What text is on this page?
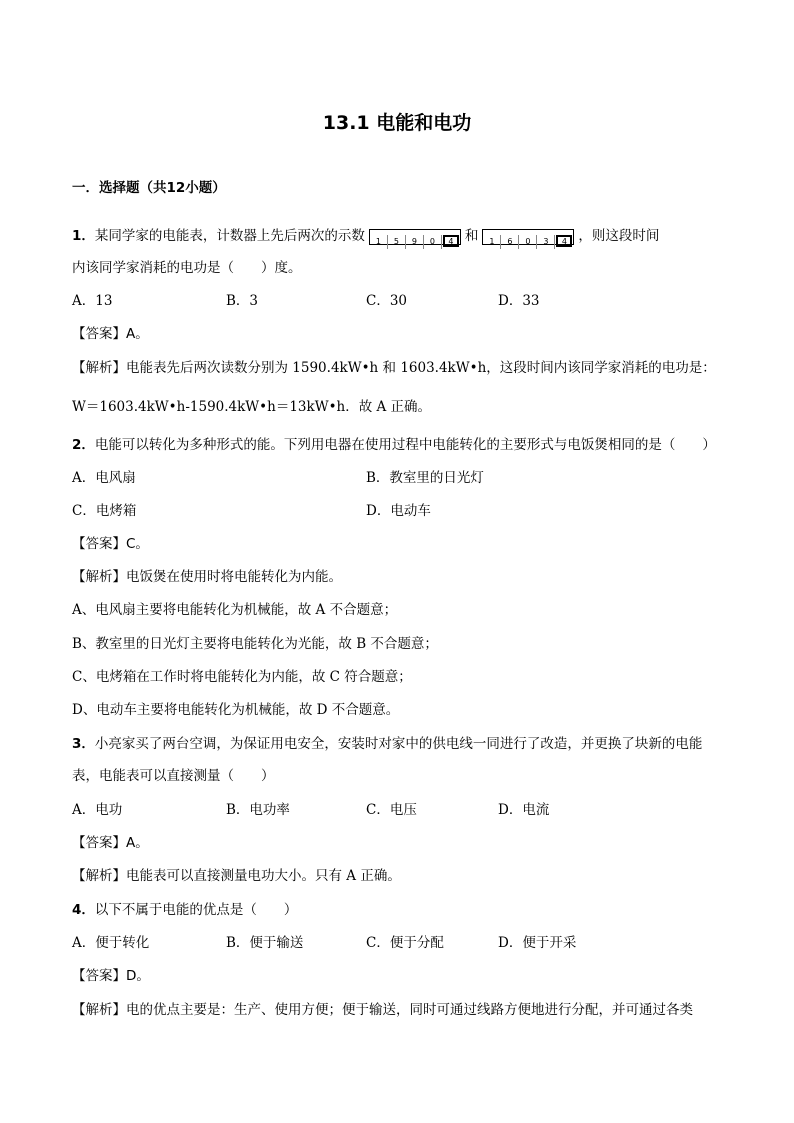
13.1 电能和电功
一．选择题（共12小题）
1．某同学家的电能表，计数器上先后两次的示数 1 5 9 0 4 和 1 6 0 3 4 ，则这段时间
内该同学家消耗的电功是（　　）度。
A．13	B．3	C．30	D．33
【答案】A。
【解析】电能表先后两次读数分别为 1590.4kW•h 和 1603.4kW•h，这段时间内该同学家消耗的电功是：
W＝1603.4kW•h-1590.4kW•h＝13kW•h．故 A 正确。
2．电能可以转化为多种形式的能。下列用电器在使用过程中电能转化的主要形式与电饭煲相同的是（　　）
A．电风扇	B．教室里的日光灯
C．电烤箱	D．电动车
【答案】C。
【解析】电饭煲在使用时将电能转化为内能。
A、电风扇主要将电能转化为机械能，故 A 不合题意；
B、教室里的日光灯主要将电能转化为光能，故 B 不合题意；
C、电烤箱在工作时将电能转化为内能，故 C 符合题意；
D、电动车主要将电能转化为机械能，故 D 不合题意。
3．小亮家买了两台空调，为保证用电安全，安装时对家中的供电线一同进行了改造，并更换了块新的电能
表，电能表可以直接测量（　　）
A．电功	B．电功率	C．电压	D．电流
【答案】A。
【解析】电能表可以直接测量电功大小。只有 A 正确。
4．以下不属于电能的优点是（　　）
A．便于转化	B．便于输送	C．便于分配	D．便于开采
【答案】D。
【解析】电的优点主要是：生产、使用方便；便于输送，同时可通过线路方便地进行分配，并可通过各类
